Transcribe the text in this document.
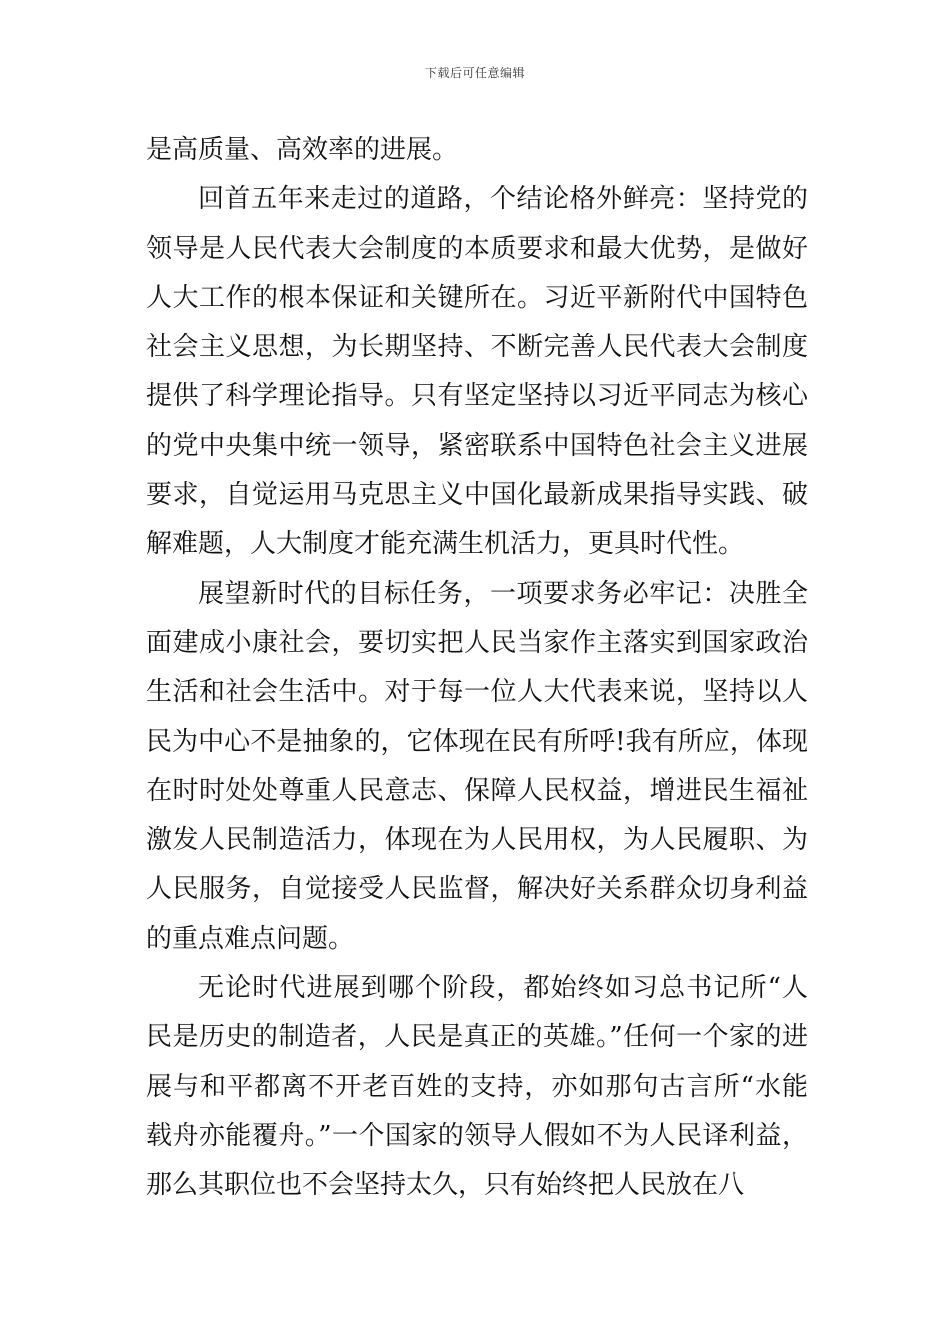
下载后可任意编辑

是高质量、高效率的进展。

回首五年来走过的道路，个结论格外鲜亮：坚持党的领导是人民代表大会制度的本质要求和最大优势，是做好人大工作的根本保证和关键所在。习近平新附代中国特色社会主义思想，为长期坚持、不断完善人民代表大会制度提供了科学理论指导。只有坚定坚持以习近平同志为核心的党中央集中统一领导，紧密联系中国特色社会主义进展要求，自觉运用马克思主义中国化最新成果指导实践、破解难题，人大制度才能充满生机活力，更具时代性。

展望新时代的目标任务，一项要求务必牢记：决胜全面建成小康社会，要切实把人民当家作主落实到国家政治生活和社会生活中。对于每一位人大代表来说，坚持以人民为中心不是抽象的，它体现在民有所呼!我有所应，体现在时时处处尊重人民意志、保障人民权益，增进民生福祉激发人民制造活力，体现在为人民用权，为人民履职、为人民服务，自觉接受人民监督，解决好关系群众切身利益的重点难点问题。

无论时代进展到哪个阶段，都始终如习总书记所“人民是历史的制造者，人民是真正的英雄。”任何一个家的进展与和平都离不开老百姓的支持，亦如那句古言所“水能载舟亦能覆舟。”一个国家的领导人假如不为人民译利益，那么其职位也不会坚持太久，只有始终把人民放在八
